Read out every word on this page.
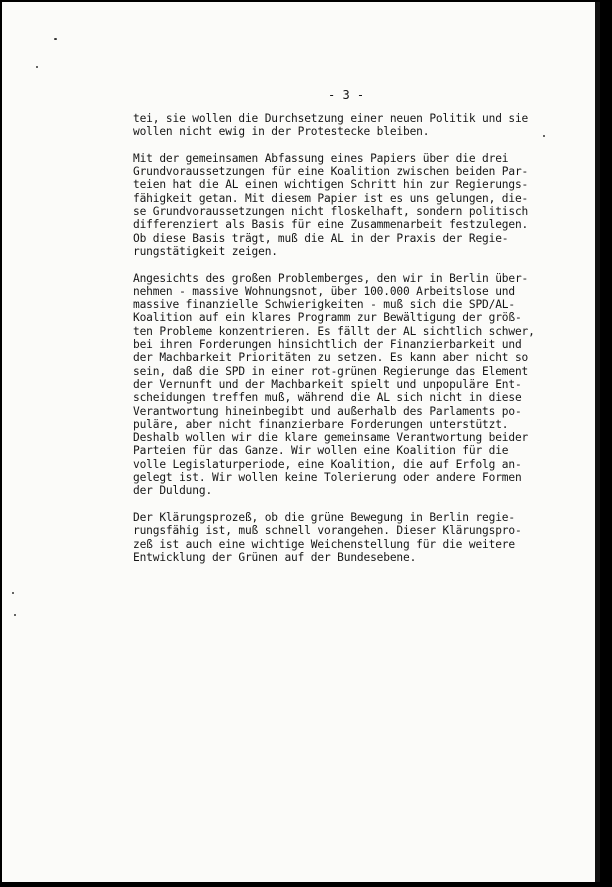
- 3 -
tei, sie wollen die Durchsetzung einer neuen Politik und sie
wollen nicht ewig in der Protestecke bleiben.
Mit der gemeinsamen Abfassung eines Papiers über die drei
Grundvoraussetzungen für eine Koalition zwischen beiden Par-
teien hat die AL einen wichtigen Schritt hin zur Regierungs-
fähigkeit getan. Mit diesem Papier ist es uns gelungen, die-
se Grundvoraussetzungen nicht floskelhaft, sondern politisch
differenziert als Basis für eine Zusammenarbeit festzulegen.
Ob diese Basis trägt, muß die AL in der Praxis der Regie-
rungstätigkeit zeigen.
Angesichts des großen Problemberges, den wir in Berlin über-
nehmen - massive Wohnungsnot, über 100.000 Arbeitslose und
massive finanzielle Schwierigkeiten - muß sich die SPD/AL-
Koalition auf ein klares Programm zur Bewältigung der größ-
ten Probleme konzentrieren. Es fällt der AL sichtlich schwer,
bei ihren Forderungen hinsichtlich der Finanzierbarkeit und
der Machbarkeit Prioritäten zu setzen. Es kann aber nicht so
sein, daß die SPD in einer rot-grünen Regierunge das Element
der Vernunft und der Machbarkeit spielt und unpopuläre Ent-
scheidungen treffen muß, während die AL sich nicht in diese
Verantwortung hineinbegibt und außerhalb des Parlaments po-
puläre, aber nicht finanzierbare Forderungen unterstützt.
Deshalb wollen wir die klare gemeinsame Verantwortung beider
Parteien für das Ganze. Wir wollen eine Koalition für die
volle Legislaturperiode, eine Koalition, die auf Erfolg an-
gelegt ist. Wir wollen keine Tolerierung oder andere Formen
der Duldung.
Der Klärungsprozeß, ob die grüne Bewegung in Berlin regie-
rungsfähig ist, muß schnell vorangehen. Dieser Klärungspro-
zeß ist auch eine wichtige Weichenstellung für die weitere
Entwicklung der Grünen auf der Bundesebene.
